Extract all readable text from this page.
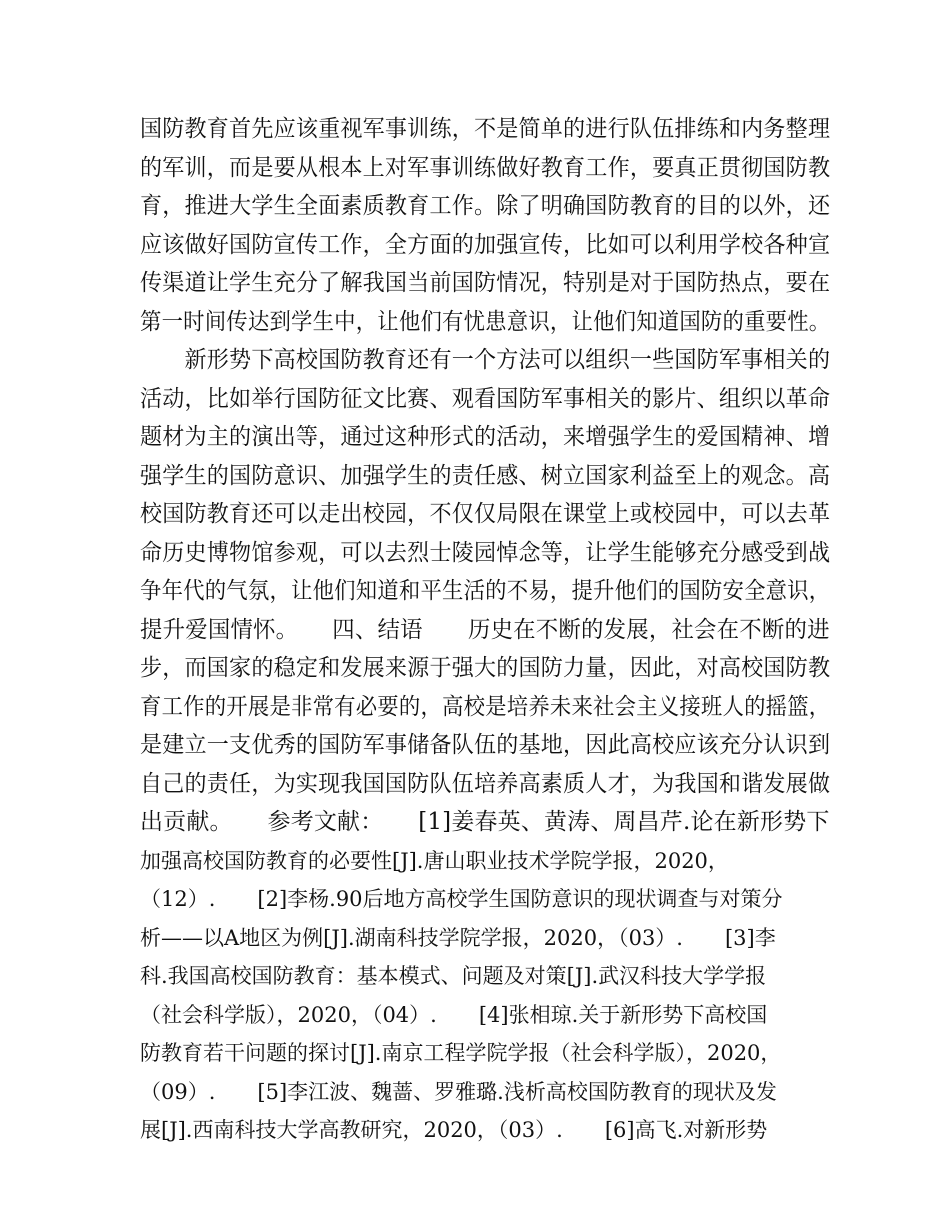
国防教育首先应该重视军事训练，不是简单的进行队伍排练和内务整理
的军训，而是要从根本上对军事训练做好教育工作，要真正贯彻国防教
育，推进大学生全面素质教育工作。除了明确国防教育的目的以外，还
应该做好国防宣传工作，全方面的加强宣传，比如可以利用学校各种宣
传渠道让学生充分了解我国当前国防情况，特别是对于国防热点，要在
第一时间传达到学生中，让他们有忧患意识，让他们知道国防的重要性。
　　新形势下高校国防教育还有一个方法可以组织一些国防军事相关的
活动，比如举行国防征文比赛、观看国防军事相关的影片、组织以革命
题材为主的演出等，通过这种形式的活动，来增强学生的爱国精神、增
强学生的国防意识、加强学生的责任感、树立国家利益至上的观念。高
校国防教育还可以走出校园，不仅仅局限在课堂上或校园中，可以去革
命历史博物馆参观，可以去烈士陵园悼念等，让学生能够充分感受到战
争年代的气氛，让他们知道和平生活的不易，提升他们的国防安全意识，
提升爱国情怀。　　四、结语　　历史在不断的发展，社会在不断的进
步，而国家的稳定和发展来源于强大的国防力量，因此，对高校国防教
育工作的开展是非常有必要的，高校是培养未来社会主义接班人的摇篮，
是建立一支优秀的国防军事储备队伍的基地，因此高校应该充分认识到
自己的责任，为实现我国国防队伍培养高素质人才，为我国和谐发展做
出贡献。　　参考文献：　　[1]姜春英、黄涛、周昌芹.论在新形势下
加强高校国防教育的必要性[J].唐山职业技术学院学报，2020，
（12）.　　[2]李杨.90后地方高校学生国防意识的现状调查与对策分
析——以A地区为例[J].湖南科技学院学报，2020，（03）.　　[3]李
科.我国高校国防教育：基本模式、问题及对策[J].武汉科技大学学报
（社会科学版），2020，（04）.　　[4]张相琼.关于新形势下高校国
防教育若干问题的探讨[J].南京工程学院学报（社会科学版），2020，
（09）.　　[5]李江波、魏蔷、罗雅璐.浅析高校国防教育的现状及发
展[J].西南科技大学高教研究，2020，（03）.　　[6]高飞.对新形势
